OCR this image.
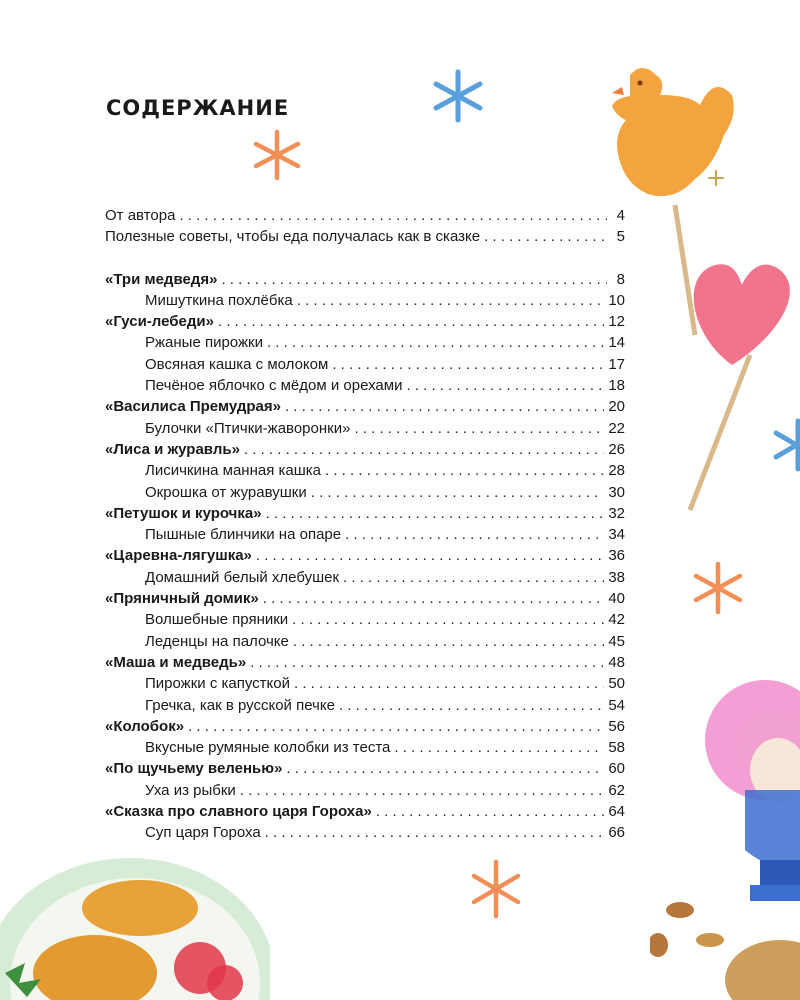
СОДЕРЖАНИЕ
От автора . . .	4
Полезные советы, чтобы еда получалась как в сказке . . .	5
«Три медведя» . . .	8
Мишуткина похлёбка . . .	10
«Гуси-лебеди» . . .	12
Ржаные пирожки . . .	14
Овсяная кашка с молоком . . .	17
Печёное яблочко с мёдом и орехами . . .	18
«Василиса Премудрая» . . .	20
Булочки «Птички-жаворонки» . . .	22
«Лиса и журавль» . . .	26
Лисичкина манная кашка . . .	28
Окрошка от журавушки . . .	30
«Петушок и курочка» . . .	32
Пышные блинчики на опаре . . .	34
«Царевна-лягушка» . . .	36
Домашний белый хлебушек . . .	38
«Пряничный домик» . . .	40
Волшебные пряники . . .	42
Леденцы на палочке . . .	45
«Маша и медведь» . . .	48
Пирожки с капусткой . . .	50
Гречка, как в русской печке . . .	54
«Колобок» . . .	56
Вкусные румяные колобки из теста . . .	58
«По щучьему веленью» . . .	60
Уха из рыбки . . .	62
«Сказка про славного царя Гороха» . . .	64
Суп царя Гороха . . .	66
